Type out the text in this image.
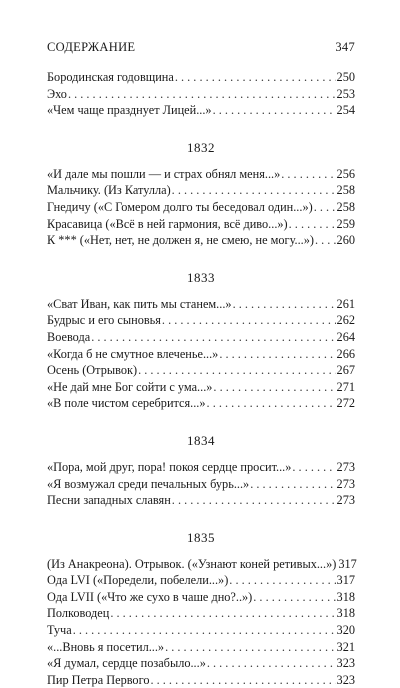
СОДЕРЖАНИЕ	347
Бородинская годовщина . . .	250
Эхо . . .	253
«Чем чаще празднует Лицей...» . . .	254
1832
«И дале мы пошли — и страх обнял меня...» . . .	256
Мальчику. (Из Катулла) . . .	258
Гнедичу («С Гомером долго ты беседовал один...») . . . 258
Красавица («Всё в ней гармония, всё диво...») . . .	259
К *** («Нет, нет, не должен я, не смею, не могу...») . . . 260
1833
«Сват Иван, как пить мы станем...» . . .	261
Будрыс и его сыновья . . .	262
Воевода . . .	264
«Когда б не смутное влеченье...» . . .	266
Осень (Отрывок) . . .	267
«Не дай мне Бог сойти с ума...» . . .	271
«В поле чистом серебрится...» . . .	272
1834
«Пора, мой друг, пора! покоя сердце просит...» . . .	273
«Я возмужал среди печальных бурь...» . . .	273
Песни западных славян . . .	273
1835
(Из Анакреона). Отрывок. («Узнают коней ретивых...») 317
Ода LVI («Поредели, побелели...») . . .	317
Ода LVII («Что же сухо в чаше дно?..») . . .	318
Полководец . . .	318
Туча . . .	320
«...Вновь я посетил...» . . .	321
«Я думал, сердце позабыло...» . . .	323
Пир Петра Первого . . .	323
